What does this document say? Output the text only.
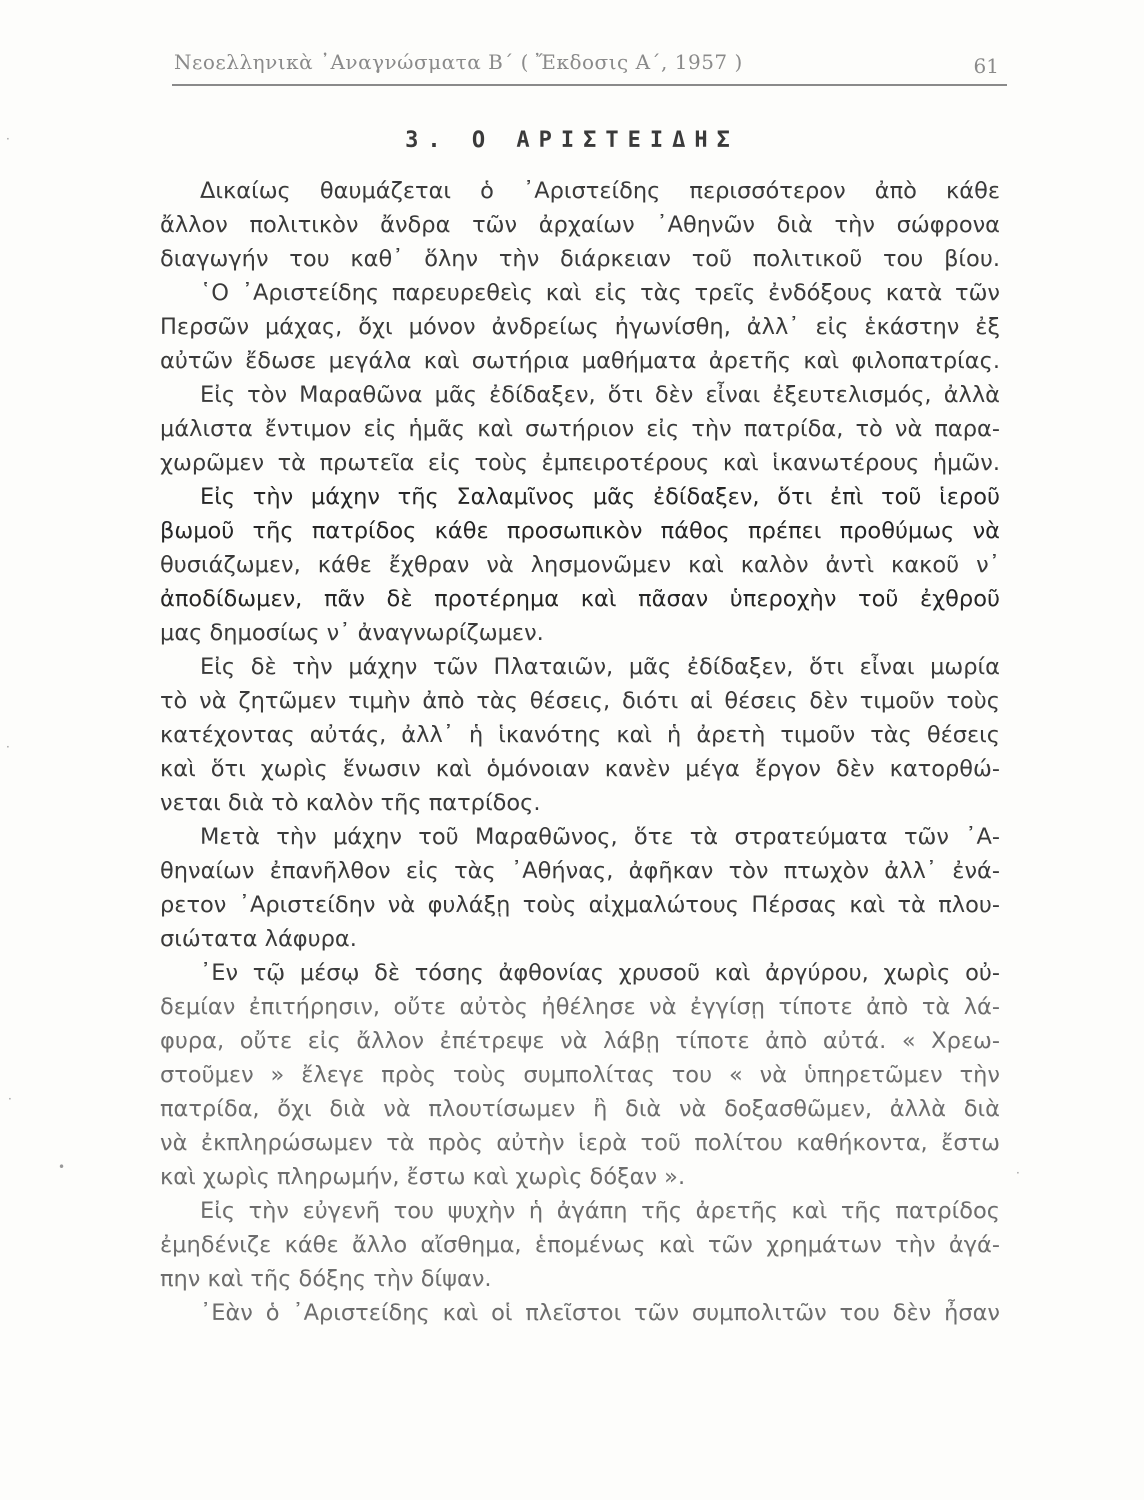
Νεοελληνικὰ ᾿Αναγνώσματα Β΄ ( Ἔκδοσις Α΄, 1957 )	61
3. Ο ΑΡΙΣΤΕΙΔΗΣ
Δικαίως θαυμάζεται ὁ ᾿Αριστείδης περισσότερον ἀπὸ κάθε
ἄλλον πολιτικὸν ἄνδρα τῶν ἀρχαίων ᾿Αθηνῶν διὰ τὴν σώφρονα
διαγωγήν του καθ᾿ ὅλην τὴν διάρκειαν τοῦ πολιτικοῦ του βίου.
῾Ο ᾿Αριστείδης παρευρεθεὶς καὶ εἰς τὰς τρεῖς ἐνδόξους κατὰ τῶν
Περσῶν μάχας, ὄχι μόνον ἀνδρείως ἠγωνίσθη, ἀλλ᾿ εἰς ἑκάστην ἐξ
αὐτῶν ἔδωσε μεγάλα καὶ σωτήρια μαθήματα ἀρετῆς καὶ φιλοπατρίας.
Εἰς τὸν Μαραθῶνα μᾶς ἐδίδαξεν, ὅτι δὲν εἶναι ἐξευτελισμός, ἀλλὰ
μάλιστα ἔντιμον εἰς ἡμᾶς καὶ σωτήριον εἰς τὴν πατρίδα, τὸ νὰ παρα-
χωρῶμεν τὰ πρωτεῖα εἰς τοὺς ἐμπειροτέρους καὶ ἱκανωτέρους ἡμῶν.
Εἰς τὴν μάχην τῆς Σαλαμῖνος μᾶς ἐδίδαξεν, ὅτι ἐπὶ τοῦ ἱεροῦ
βωμοῦ τῆς πατρίδος κάθε προσωπικὸν πάθος πρέπει προθύμως νὰ
θυσιάζωμεν, κάθε ἔχθραν νὰ λησμονῶμεν καὶ καλὸν ἀντὶ κακοῦ ν᾿
ἀποδίδωμεν, πᾶν δὲ προτέρημα καὶ πᾶσαν ὑπεροχὴν τοῦ ἐχθροῦ
μας δημοσίως ν᾿ ἀναγνωρίζωμεν.
Εἰς δὲ τὴν μάχην τῶν Πλαταιῶν, μᾶς ἐδίδαξεν, ὅτι εἶναι μωρία
τὸ νὰ ζητῶμεν τιμὴν ἀπὸ τὰς θέσεις, διότι αἱ θέσεις δὲν τιμοῦν τοὺς
κατέχοντας αὐτάς, ἀλλ᾿ ἡ ἱκανότης καὶ ἡ ἀρετὴ τιμοῦν τὰς θέσεις
καὶ ὅτι χωρὶς ἕνωσιν καὶ ὁμόνοιαν κανὲν μέγα ἔργον δὲν κατορθώ-
νεται διὰ τὸ καλὸν τῆς πατρίδος.
Μετὰ τὴν μάχην τοῦ Μαραθῶνος, ὅτε τὰ στρατεύματα τῶν ᾿Α-
θηναίων ἐπανῆλθον εἰς τὰς ᾿Αθήνας, ἀφῆκαν τὸν πτωχὸν ἀλλ᾿ ἐνά-
ρετον ᾿Αριστείδην νὰ φυλάξῃ τοὺς αἰχμαλώτους Πέρσας καὶ τὰ πλου-
σιώτατα λάφυρα.
᾿Εν τῷ μέσῳ δὲ τόσης ἀφθονίας χρυσοῦ καὶ ἀργύρου, χωρὶς οὐ-
δεμίαν ἐπιτήρησιν, οὔτε αὐτὸς ἠθέλησε νὰ ἐγγίσῃ τίποτε ἀπὸ τὰ λά-
φυρα, οὔτε εἰς ἄλλον ἐπέτρεψε νὰ λάβῃ τίποτε ἀπὸ αὐτά. « Χρεω-
στοῦμεν » ἔλεγε πρὸς τοὺς συμπολίτας του « νὰ ὑπηρετῶμεν τὴν
πατρίδα, ὄχι διὰ νὰ πλουτίσωμεν ἢ διὰ νὰ δοξασθῶμεν, ἀλλὰ διὰ
νὰ ἐκπληρώσωμεν τὰ πρὸς αὐτὴν ἱερὰ τοῦ πολίτου καθήκοντα, ἔστω
καὶ χωρὶς πληρωμήν, ἔστω καὶ χωρὶς δόξαν ».
Εἰς τὴν εὐγενῆ του ψυχὴν ἡ ἀγάπη τῆς ἀρετῆς καὶ τῆς πατρίδος
ἐμηδένιζε κάθε ἄλλο αἴσθημα, ἑπομένως καὶ τῶν χρημάτων τὴν ἀγά-
πην καὶ τῆς δόξης τὴν δίψαν.
᾿Εὰν ὁ ᾿Αριστείδης καὶ οἱ πλεῖστοι τῶν συμπολιτῶν του δὲν ἦσαν
·
·
·
•	·
